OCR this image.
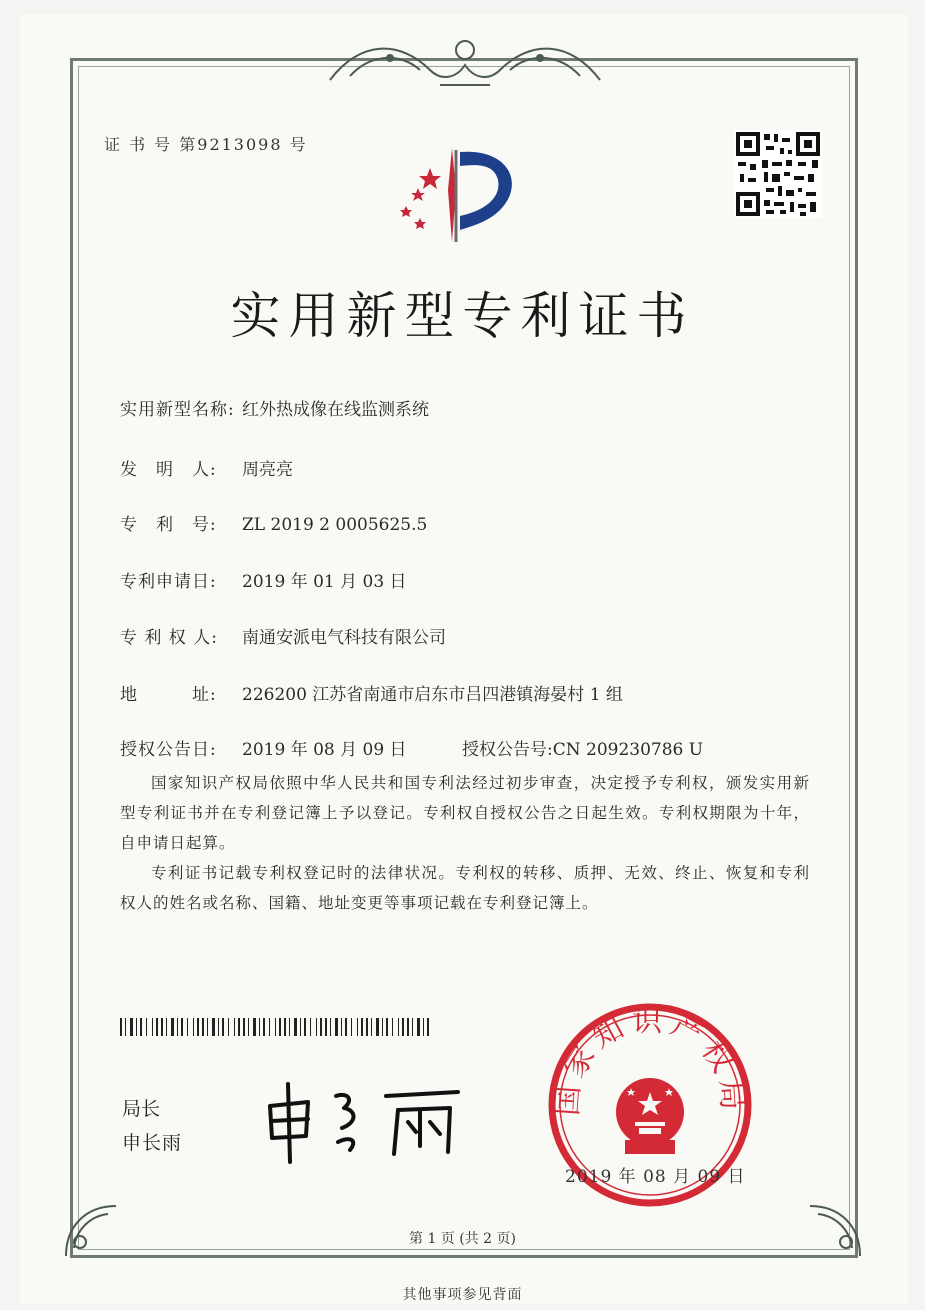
证 书 号 第9213098 号
实用新型专利证书
实用新型名称: 红外热成像在线监测系统
发　明　人: 周亮亮
专　利　号: ZL 2019 2 0005625.5
专利申请日: 2019 年 01 月 03 日
专 利 权 人: 南通安派电气科技有限公司
地　　　址: 226200 江苏省南通市启东市吕四港镇海晏村 1 组
授权公告日: 2019 年 08 月 09 日	授权公告号:CN 209230786 U
国家知识产权局依照中华人民共和国专利法经过初步审查，决定授予专利权，颁发实用新型专利证书并在专利登记簿上予以登记。专利权自授权公告之日起生效。专利权期限为十年，自申请日起算。
专利证书记载专利权登记时的法律状况。专利权的转移、质押、无效、终止、恢复和专利权人的姓名或名称、国籍、地址变更等事项记载在专利登记簿上。
局长
申长雨
国家知识产权局
2019 年 08 月 09 日
第 1 页 (共 2 页)
其他事项参见背面
